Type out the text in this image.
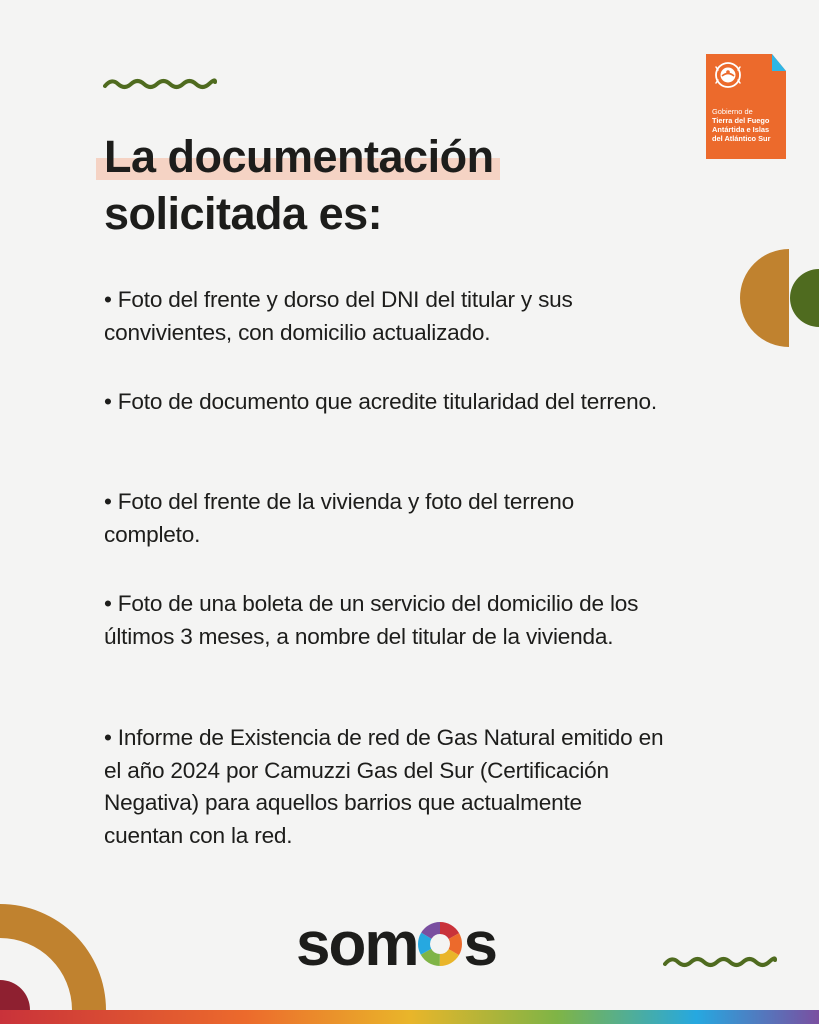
Gobierno de
Tierra del Fuego
Antártida e Islas
del Atlántico Sur
La documentación
solicitada es:

• Foto del frente y dorso del DNI del titular y sus convivientes, con domicilio actualizado.

• Foto de documento que acredite titularidad del terreno.

• Foto del frente de la vivienda y foto del terreno completo.

• Foto de una boleta de un servicio del domicilio de los últimos 3 meses, a nombre del titular de la vivienda.

• Informe de Existencia de red de Gas Natural emitido en el año 2024 por Camuzzi Gas del Sur (Certificación Negativa) para aquellos barrios que actualmente cuentan con la red.

som s
